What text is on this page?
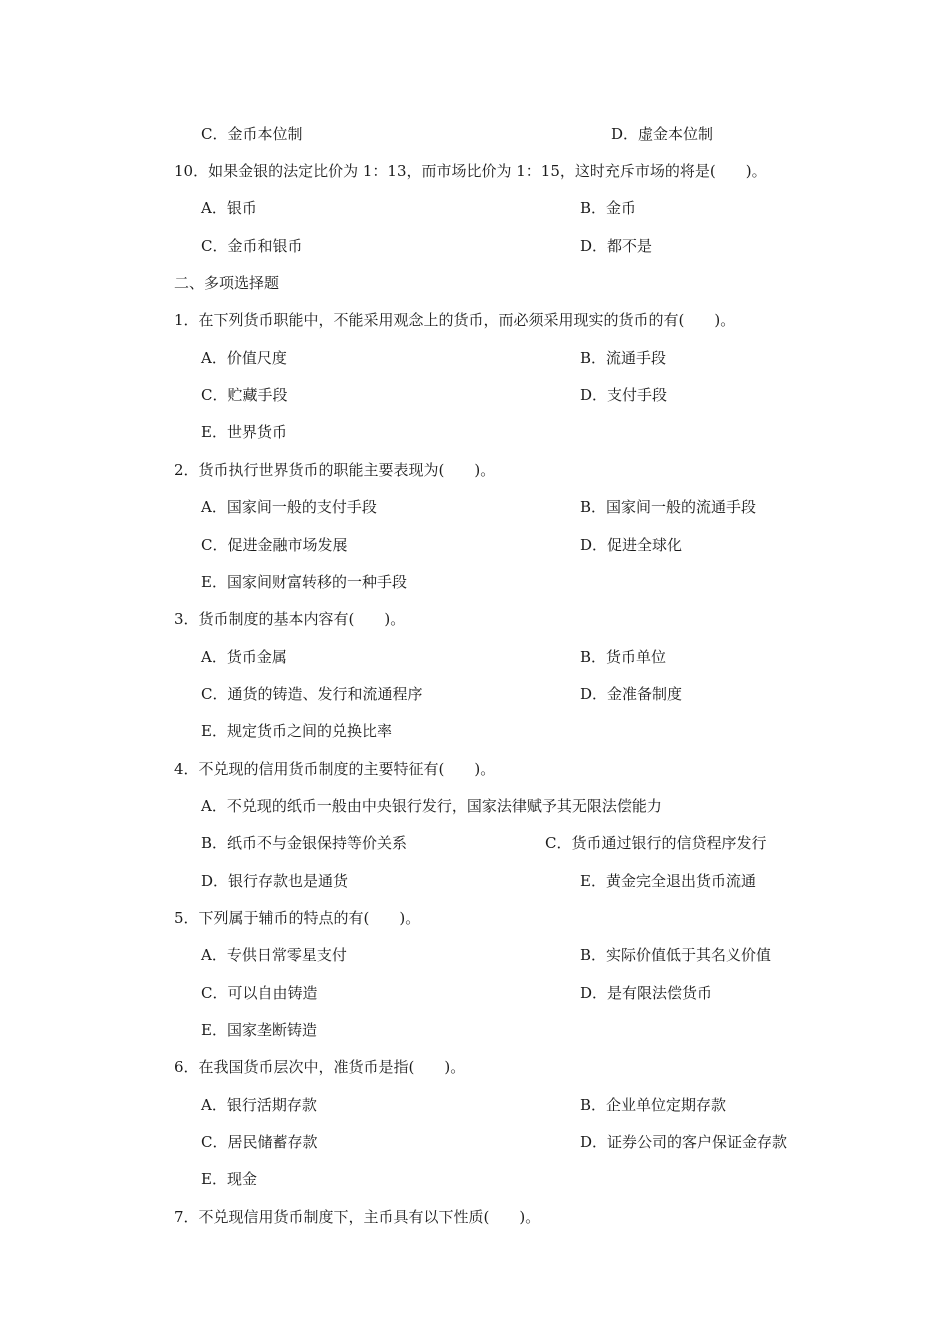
C．金币本位制	D．虚金本位制
10．如果金银的法定比价为 1：13，而市场比价为 1：15，这时充斥市场的将是(　　)。
A．银币	B．金币
C．金币和银币	D．都不是
二、多项选择题
1．在下列货币职能中，不能采用观念上的货币，而必须采用现实的货币的有(　　)。
A．价值尺度	B．流通手段
C．贮藏手段	D．支付手段
E．世界货币
2．货币执行世界货币的职能主要表现为(　　)。
A．国家间一般的支付手段	B．国家间一般的流通手段
C．促进金融市场发展	D．促进全球化
E．国家间财富转移的一种手段
3．货币制度的基本内容有(　　)。
A．货币金属	B．货币单位
C．通货的铸造、发行和流通程序	D．金准备制度
E．规定货币之间的兑换比率
4．不兑现的信用货币制度的主要特征有(　　)。
A．不兑现的纸币一般由中央银行发行，国家法律赋予其无限法偿能力
B．纸币不与金银保持等价关系	C．货币通过银行的信贷程序发行
D．银行存款也是通货	E．黄金完全退出货币流通
5．下列属于辅币的特点的有(　　)。
A．专供日常零星支付	B．实际价值低于其名义价值
C．可以自由铸造	D．是有限法偿货币
E．国家垄断铸造
6．在我国货币层次中，准货币是指(　　)。
A．银行活期存款	B．企业单位定期存款
C．居民储蓄存款	D．证券公司的客户保证金存款
E．现金
7．不兑现信用货币制度下，主币具有以下性质(　　)。
